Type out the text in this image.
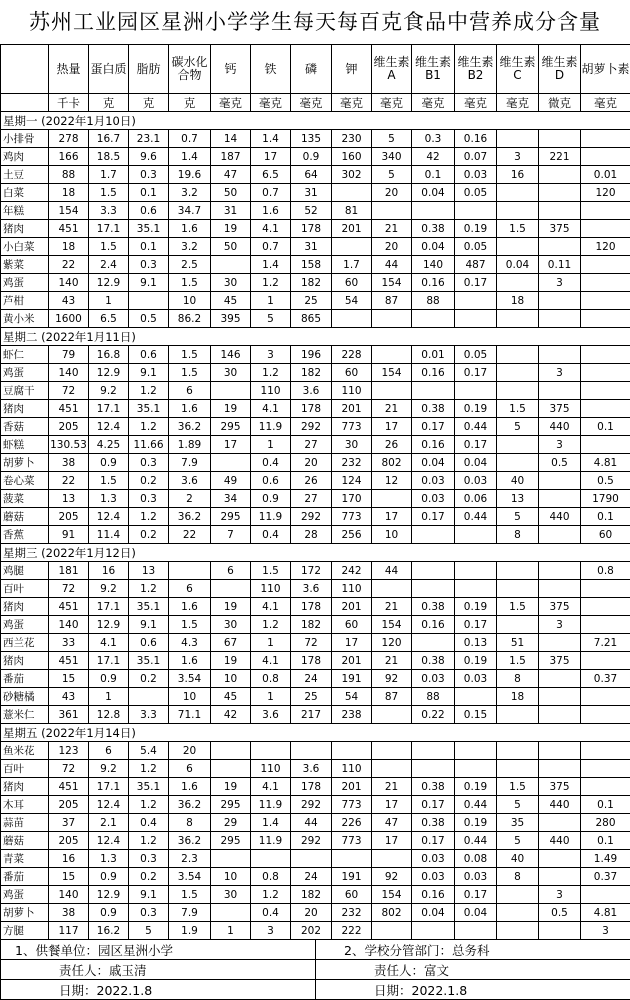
苏州工业园区星洲小学学生每天每百克食品中营养成分含量
	热量	蛋白质	脂肪	碳水化合物	钙	铁	磷	钾	维生素A	维生素B1	维生素B2	维生素C	维生素D	胡萝卜素
	千卡	克	克	克	毫克	毫克	毫克	毫克	毫克	毫克	毫克	毫克	微克	毫克
星期一 (2022年1月10日)														
小排骨	278	16.7	23.1	0.7	14	1.4	135	230	5	0.3	0.16			
鸡肉	166	18.5	9.6	1.4	187	17	0.9	160	340	42	0.07	3	221	
土豆	88	1.7	0.3	19.6	47	6.5	64	302	5	0.1	0.03	16		0.01
白菜	18	1.5	0.1	3.2	50	0.7	31		20	0.04	0.05			120
年糕	154	3.3	0.6	34.7	31	1.6	52	81						
猪肉	451	17.1	35.1	1.6	19	4.1	178	201	21	0.38	0.19	1.5	375	
小白菜	18	1.5	0.1	3.2	50	0.7	31		20	0.04	0.05			120
紫菜	22	2.4	0.3	2.5		1.4	158	1.7	44	140	487	0.04	0.11	
鸡蛋	140	12.9	9.1	1.5	30	1.2	182	60	154	0.16	0.17		3	
芦柑	43	1		10	45	1	25	54	87	88		18		
黄小米	1600	6.5	0.5	86.2	395	5	865							
星期二 (2022年1月11日)														
虾仁	79	16.8	0.6	1.5	146	3	196	228		0.01	0.05			
鸡蛋	140	12.9	9.1	1.5	30	1.2	182	60	154	0.16	0.17		3	
豆腐干	72	9.2	1.2	6		110	3.6	110						
猪肉	451	17.1	35.1	1.6	19	4.1	178	201	21	0.38	0.19	1.5	375	
香菇	205	12.4	1.2	36.2	295	11.9	292	773	17	0.17	0.44	5	440	0.1
虾糕	130.53	4.25	11.66	1.89	17	1	27	30	26	0.16	0.17		3	
胡萝卜	38	0.9	0.3	7.9		0.4	20	232	802	0.04	0.04		0.5	4.81
卷心菜	22	1.5	0.2	3.6	49	0.6	26	124	12	0.03	0.03	40		0.5
菠菜	13	1.3	0.3	2	34	0.9	27	170		0.03	0.06	13		1790
蘑菇	205	12.4	1.2	36.2	295	11.9	292	773	17	0.17	0.44	5	440	0.1
香蕉	91	11.4	0.2	22	7	0.4	28	256	10			8		60
星期三 (2022年1月12日)														
鸡腿	181	16	13		6	1.5	172	242	44					0.8
百叶	72	9.2	1.2	6		110	3.6	110						
猪肉	451	17.1	35.1	1.6	19	4.1	178	201	21	0.38	0.19	1.5	375	
鸡蛋	140	12.9	9.1	1.5	30	1.2	182	60	154	0.16	0.17		3	
西兰花	33	4.1	0.6	4.3	67	1	72	17	120		0.13	51		7.21
猪肉	451	17.1	35.1	1.6	19	4.1	178	201	21	0.38	0.19	1.5	375	
番茄	15	0.9	0.2	3.54	10	0.8	24	191	92	0.03	0.03	8		0.37
砂糖橘	43	1		10	45	1	25	54	87	88		18		
薏米仁	361	12.8	3.3	71.1	42	3.6	217	238		0.22	0.15			
星期五 (2022年1月14日)														
鱼米花	123	6	5.4	20										
百叶	72	9.2	1.2	6		110	3.6	110						
猪肉	451	17.1	35.1	1.6	19	4.1	178	201	21	0.38	0.19	1.5	375	
木耳	205	12.4	1.2	36.2	295	11.9	292	773	17	0.17	0.44	5	440	0.1
蒜苗	37	2.1	0.4	8	29	1.4	44	226	47	0.38	0.19	35		280
蘑菇	205	12.4	1.2	36.2	295	11.9	292	773	17	0.17	0.44	5	440	0.1
青菜	16	1.3	0.3	2.3						0.03	0.08	40		1.49
番茄	15	0.9	0.2	3.54	10	0.8	24	191	92	0.03	0.03	8		0.37
鸡蛋	140	12.9	9.1	1.5	30	1.2	182	60	154	0.16	0.17		3	
胡萝卜	38	0.9	0.3	7.9		0.4	20	232	802	0.04	0.04		0.5	4.81
方腿	117	16.2	5	1.9	1	3	202	222						3
1、供餐单位：园区星洲小学	2、学校分管部门：总务科
责任人：戚玉清	责任人：富文
日期：2022.1.8	日期：2022.1.8
